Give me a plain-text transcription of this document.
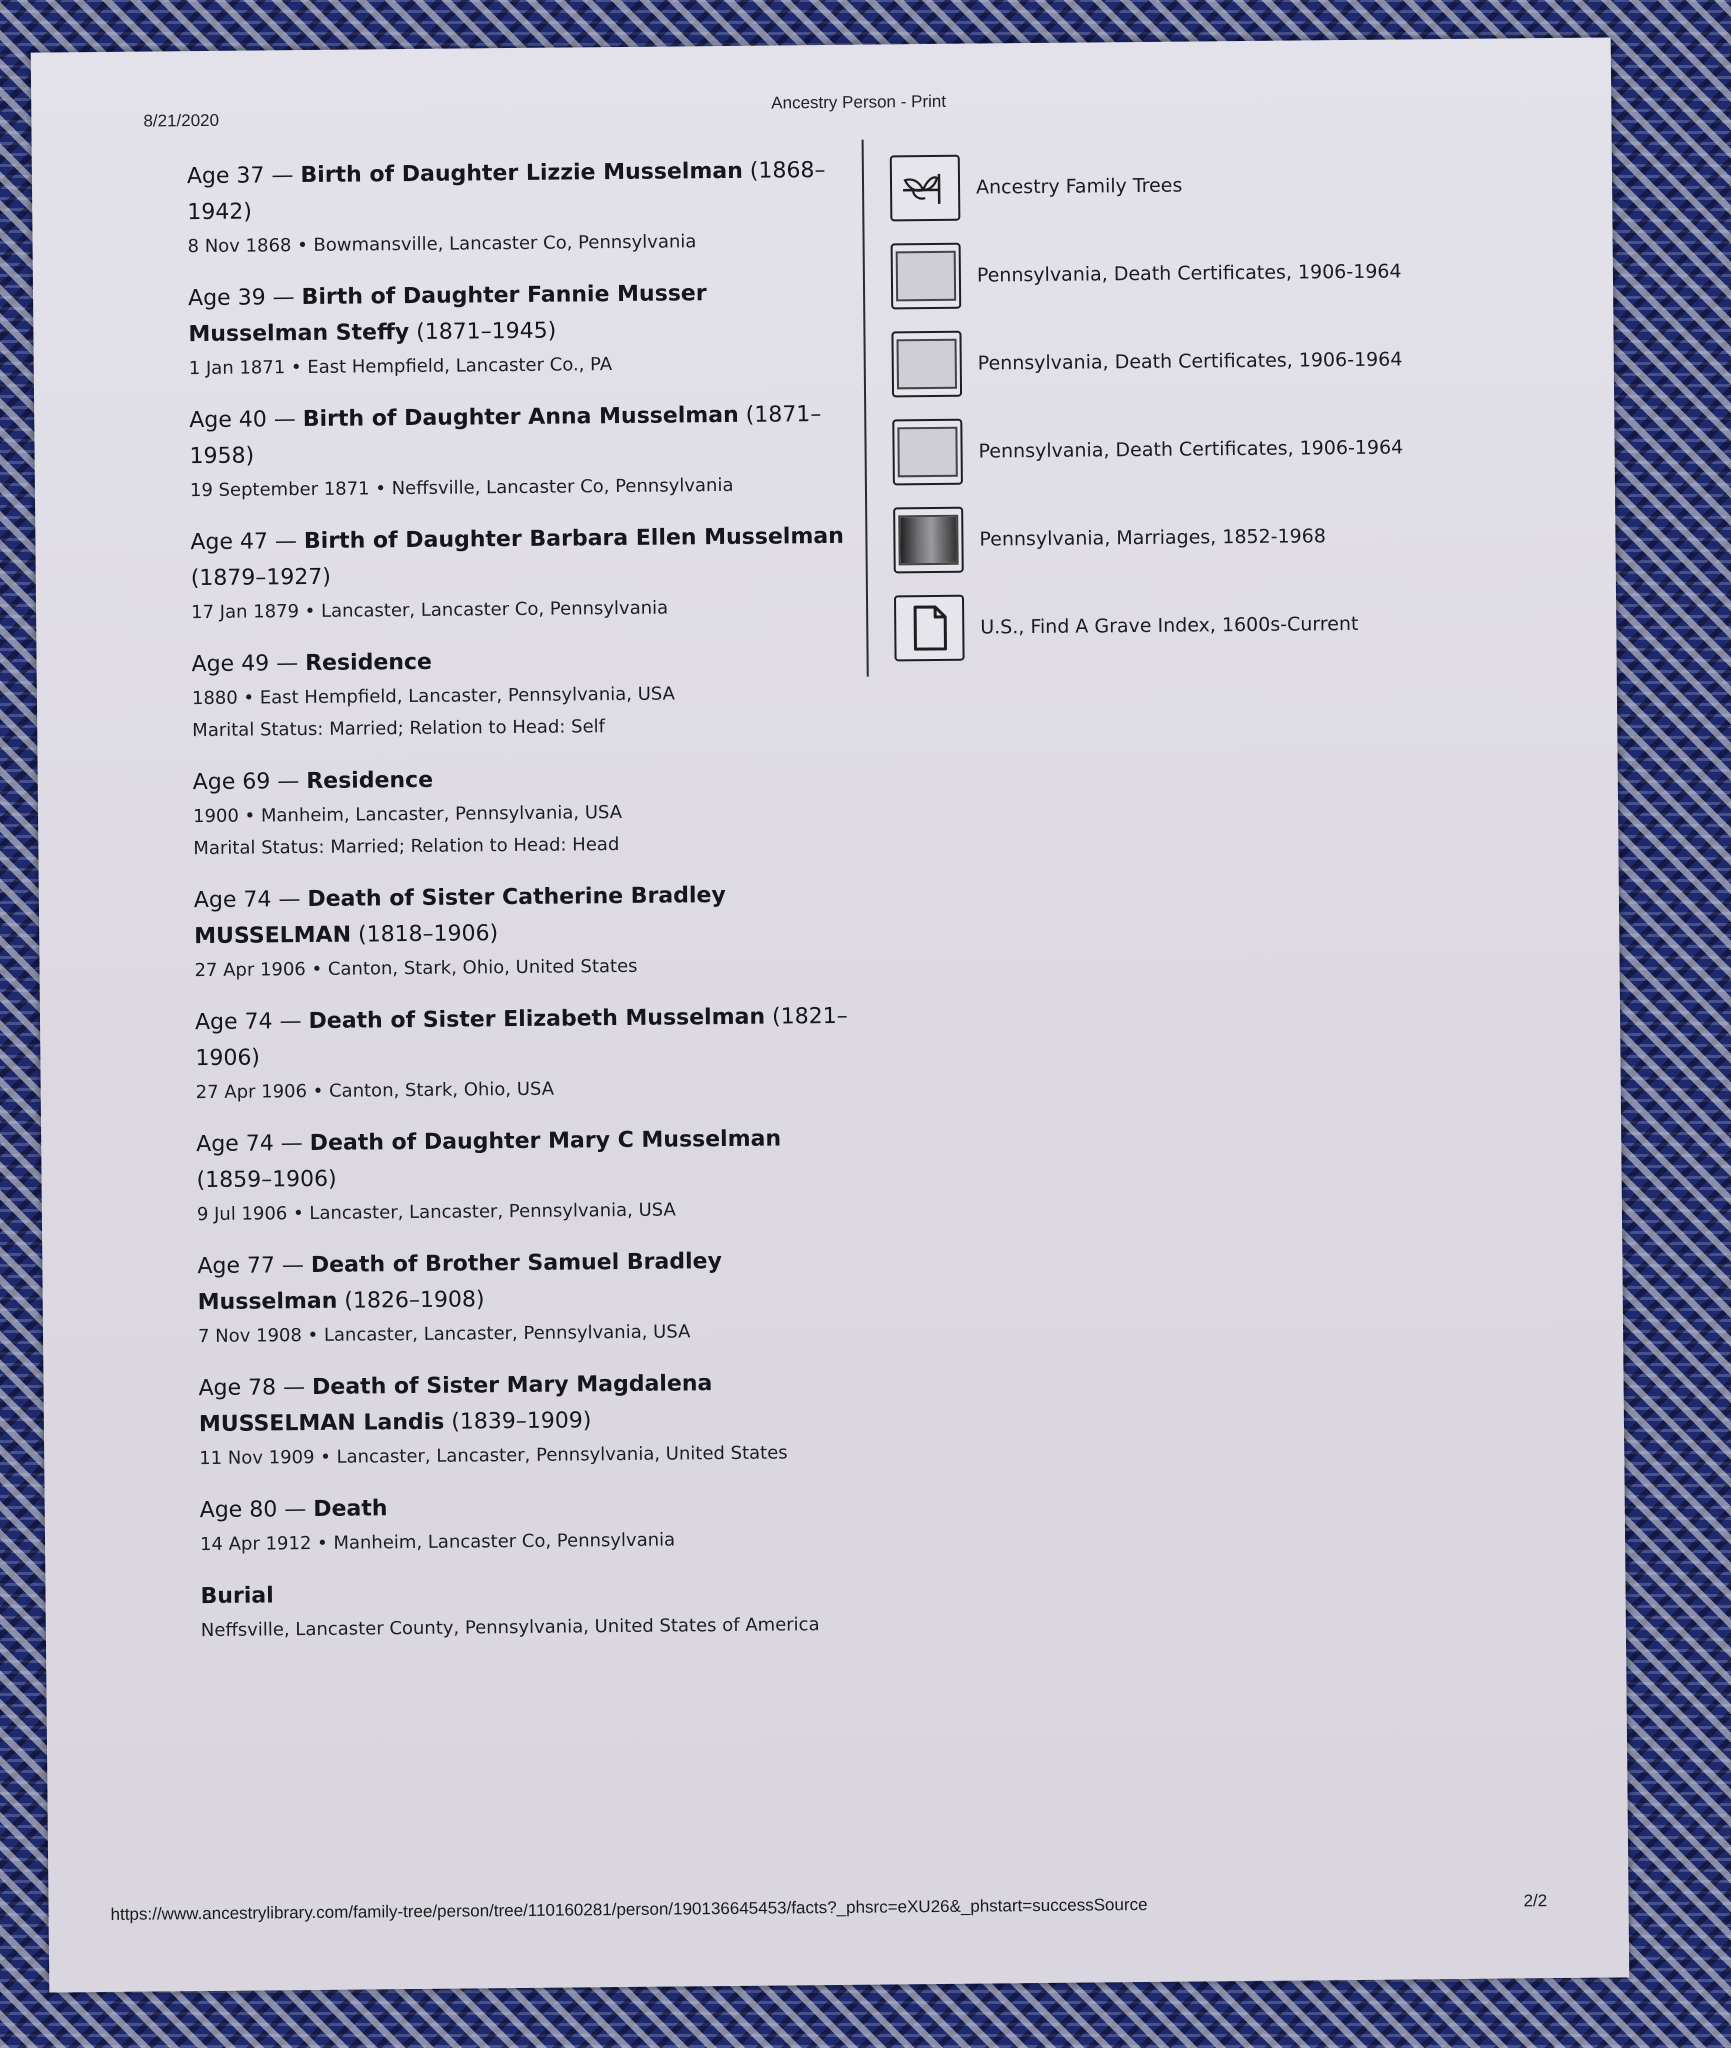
8/21/2020
Ancestry Person - Print
Age 37 — Birth of Daughter Lizzie Musselman (1868–1942)
8 Nov 1868 • Bowmansville, Lancaster Co, Pennsylvania
Age 39 — Birth of Daughter Fannie Musser Musselman Steffy (1871–1945)
1 Jan 1871 • East Hempfield, Lancaster Co., PA
Age 40 — Birth of Daughter Anna Musselman (1871–1958)
19 September 1871 • Neffsville, Lancaster Co, Pennsylvania
Age 47 — Birth of Daughter Barbara Ellen Musselman (1879–1927)
17 Jan 1879 • Lancaster, Lancaster Co, Pennsylvania
Age 49 — Residence
1880 • East Hempfield, Lancaster, Pennsylvania, USA
Marital Status: Married; Relation to Head: Self
Age 69 — Residence
1900 • Manheim, Lancaster, Pennsylvania, USA
Marital Status: Married; Relation to Head: Head
Age 74 — Death of Sister Catherine Bradley MUSSELMAN (1818–1906)
27 Apr 1906 • Canton, Stark, Ohio, United States
Age 74 — Death of Sister Elizabeth Musselman (1821–1906)
27 Apr 1906 • Canton, Stark, Ohio, USA
Age 74 — Death of Daughter Mary C Musselman (1859–1906)
9 Jul 1906 • Lancaster, Lancaster, Pennsylvania, USA
Age 77 — Death of Brother Samuel Bradley Musselman (1826–1908)
7 Nov 1908 • Lancaster, Lancaster, Pennsylvania, USA
Age 78 — Death of Sister Mary Magdalena MUSSELMAN Landis (1839–1909)
11 Nov 1909 • Lancaster, Lancaster, Pennsylvania, United States
Age 80 — Death
14 Apr 1912 • Manheim, Lancaster Co, Pennsylvania
Burial
Neffsville, Lancaster County, Pennsylvania, United States of America
Ancestry Family Trees
Pennsylvania, Death Certificates, 1906-1964
Pennsylvania, Death Certificates, 1906-1964
Pennsylvania, Death Certificates, 1906-1964
Pennsylvania, Marriages, 1852-1968
U.S., Find A Grave Index, 1600s-Current
https://www.ancestrylibrary.com/family-tree/person/tree/110160281/person/190136645453/facts?_phsrc=eXU26&_phstart=successSource	2/2
